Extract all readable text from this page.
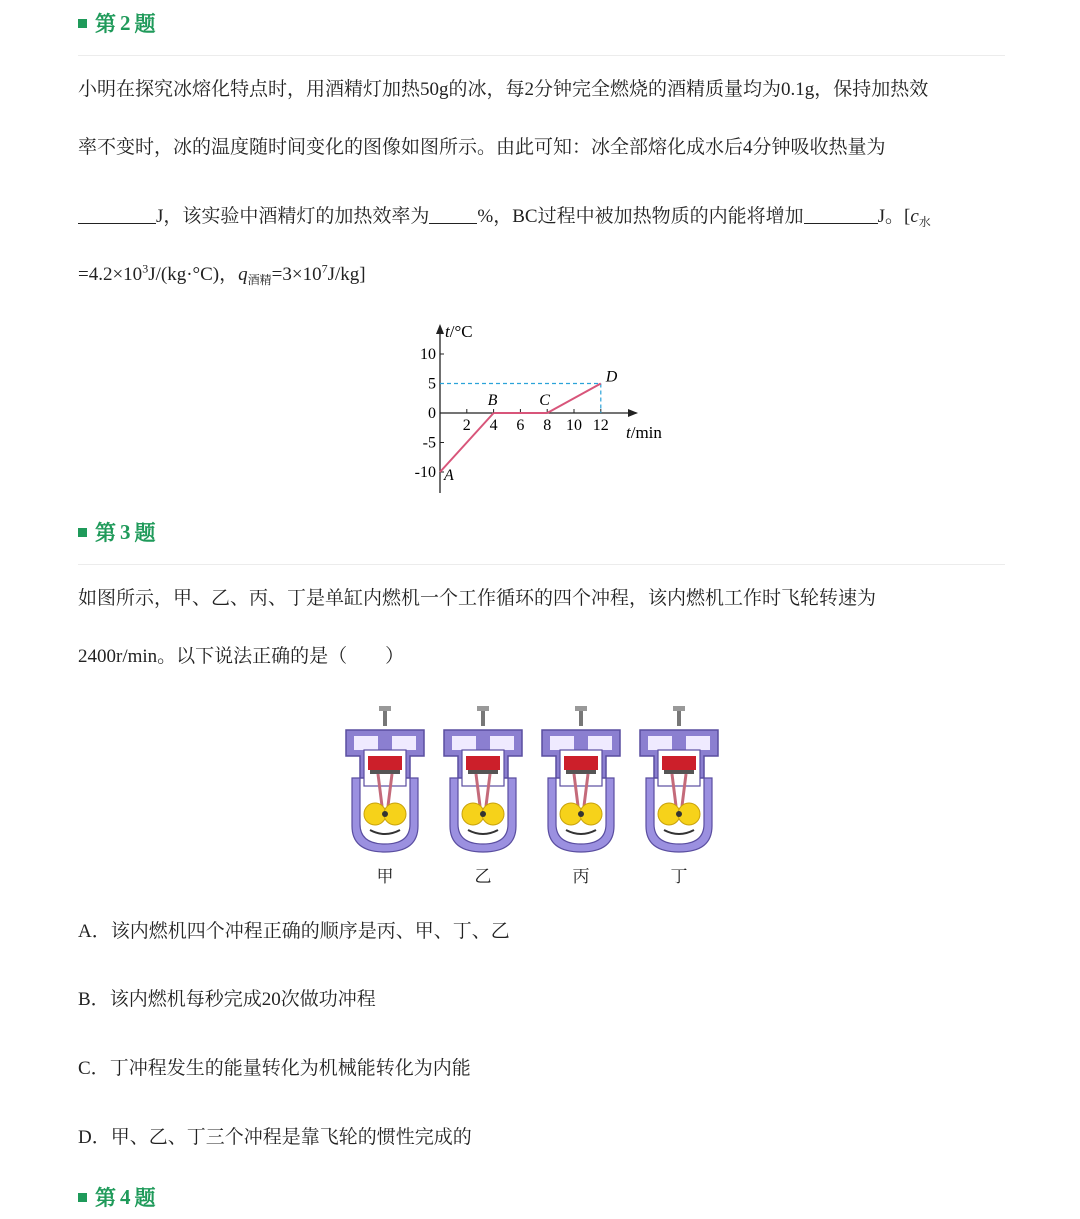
第 2 题
小明在探究冰熔化特点时，用酒精灯加热50g的冰，每2分钟完全燃烧的酒精质量均为0.1g，保持加热效
率不变时，冰的温度随时间变化的图像如图所示。由此可知：冰全部熔化成水后4分钟吸收热量为
J，该实验中酒精灯的加热效率为	%，BC过程中被加热物质的内能将增加	J。[$c_水$
$=4.2\times 10^3J/(kg\cdot^\circ C)$，$q_{酒精}=3\times 10^7J/kg$]
t/°C
t/min
2 4 6 8 10 12
10
5
0
-5
-10 A
B	C
D
第 3 题
如图所示，甲、乙、丙、丁是单缸内燃机一个工作循环的四个冲程，该内燃机工作时飞轮转速为
2400r/min。以下说法正确的是（　　）
甲	乙	丙	丁
A．该内燃机四个冲程正确的顺序是丙、甲、丁、乙
B．该内燃机每秒完成20次做功冲程
C．丁冲程发生的能量转化为机械能转化为内能
D．甲、乙、丁三个冲程是靠飞轮的惯性完成的
第 4 题
